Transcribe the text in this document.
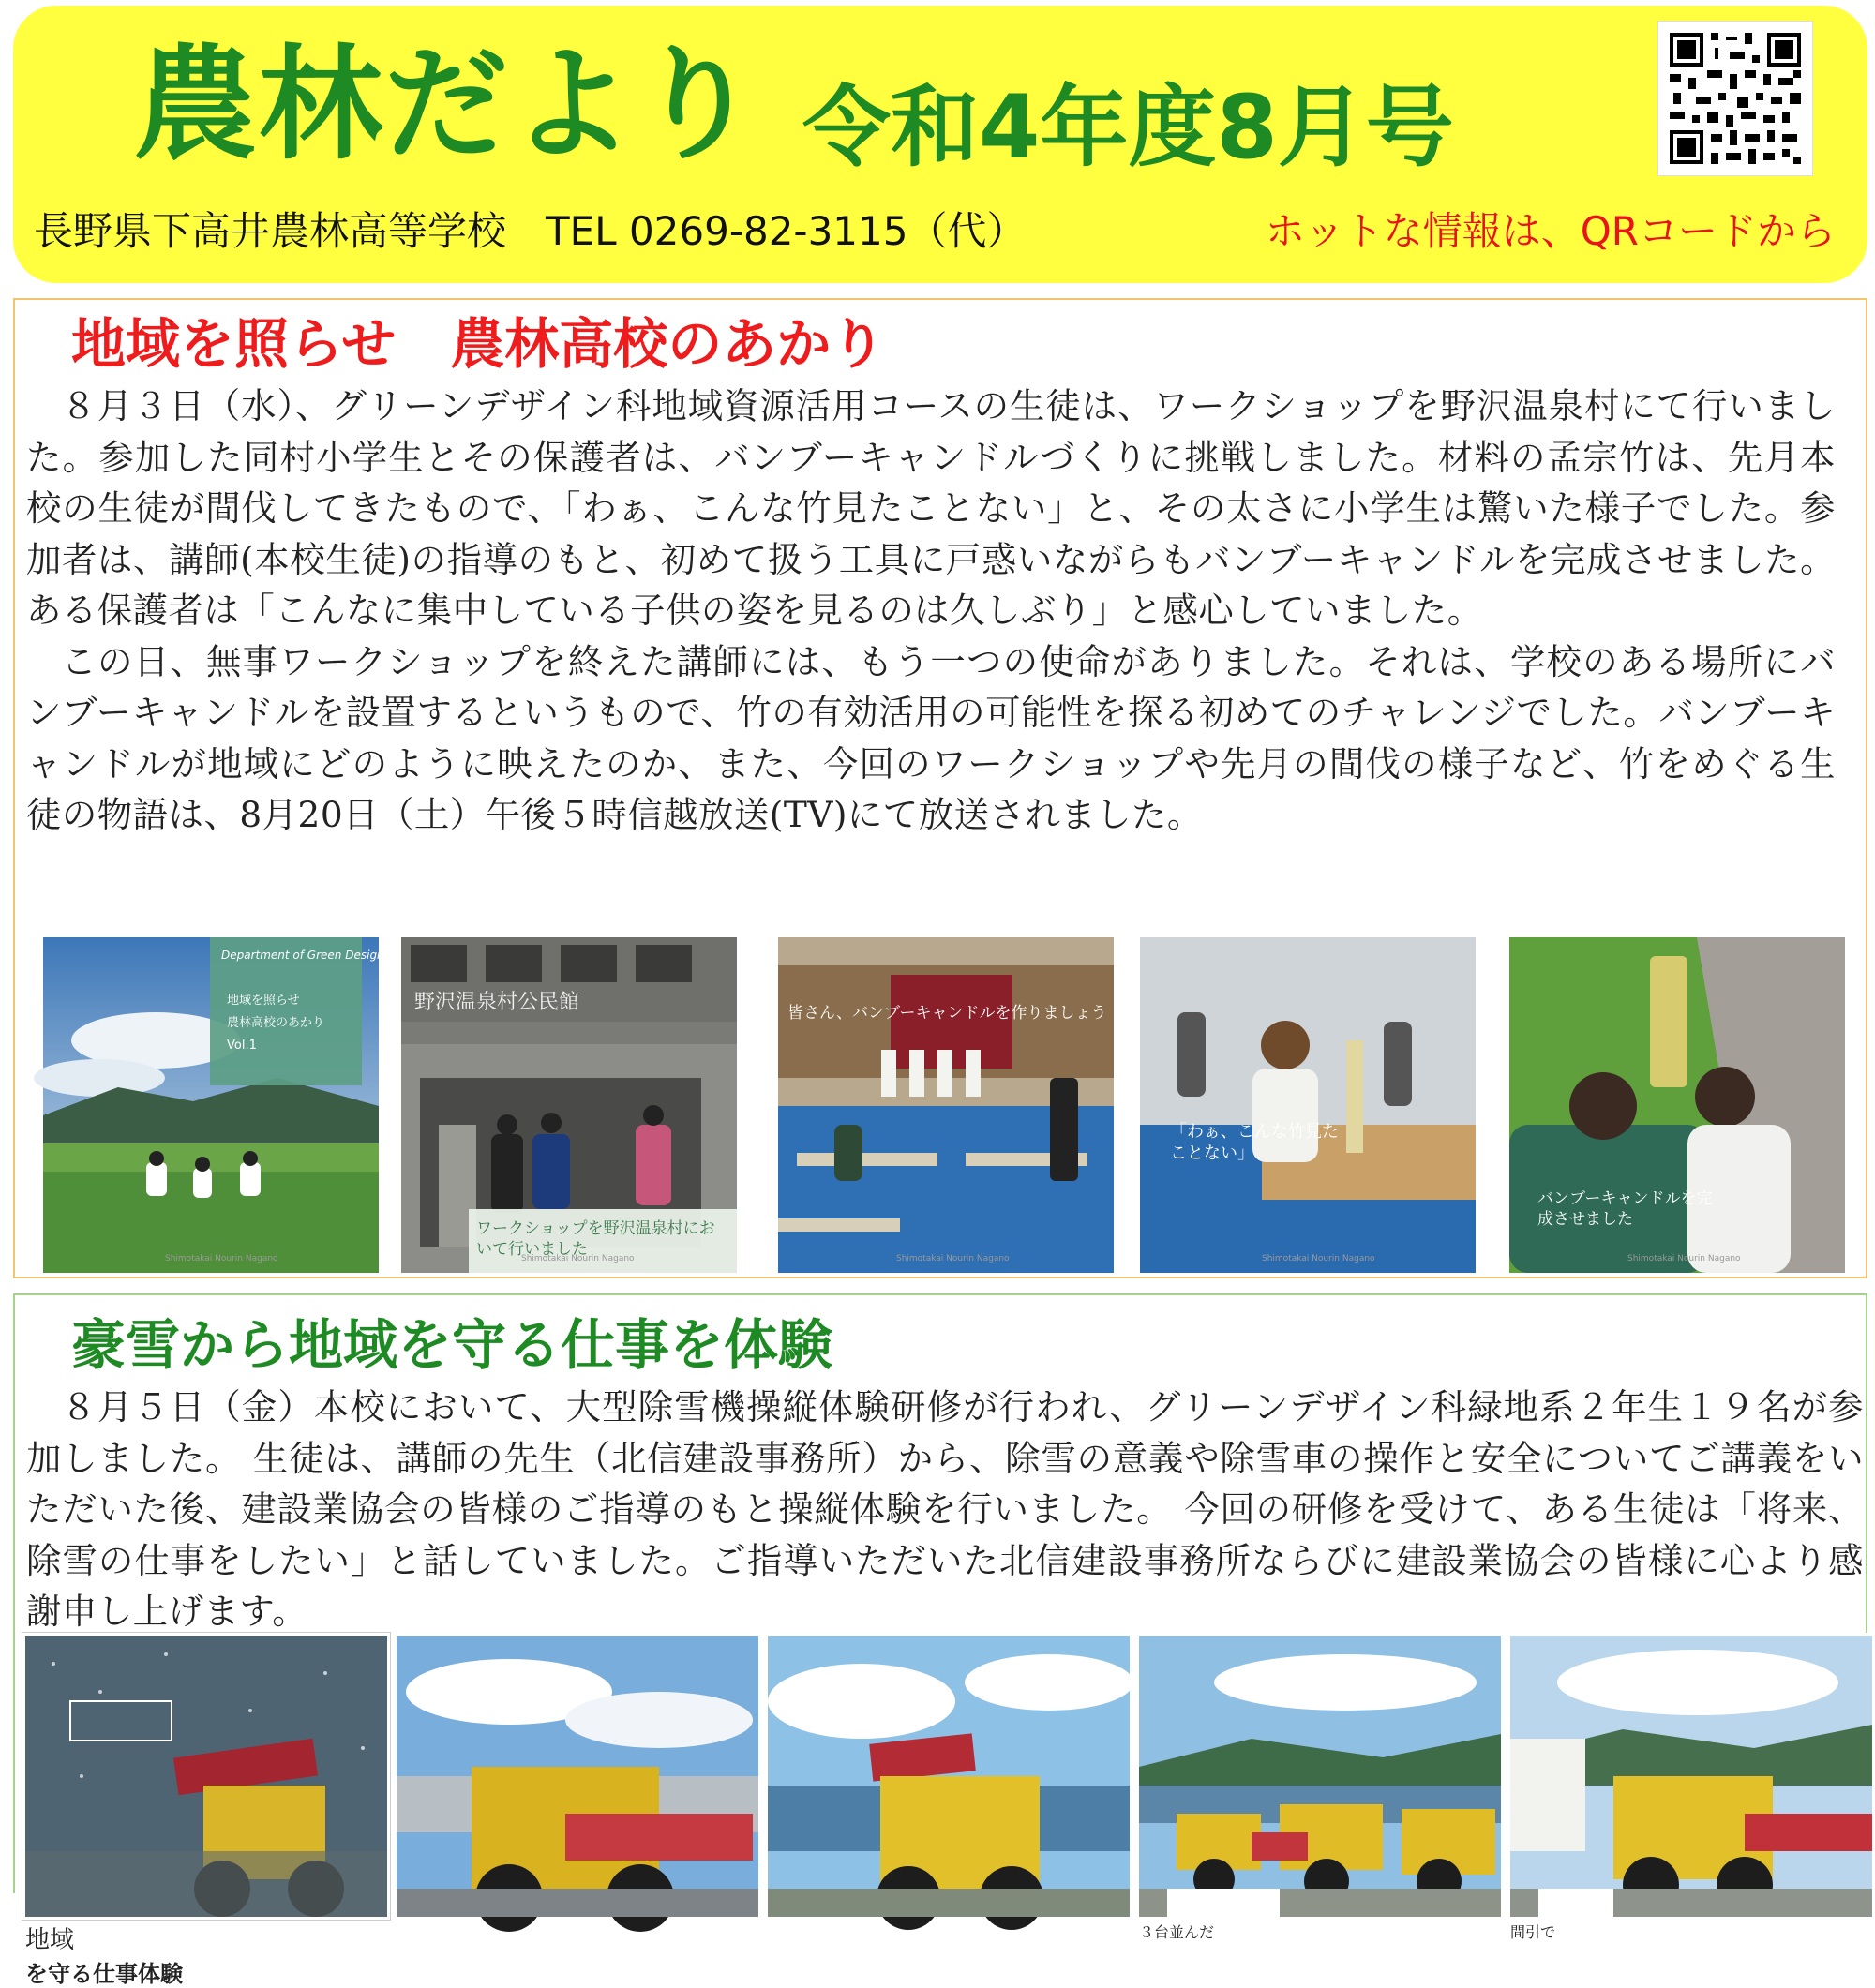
農林だより 令和4年度8月号
長野県下高井農林高等学校　TEL 0269-82-3115（代）	ホットな情報は、QRコードから
地域を照らせ　農林高校のあかり

８月３日（水）、グリーンデザイン科地域資源活用コースの生徒は、ワークショップを野沢温泉村にて行いました。参加した同村小学生とその保護者は、バンブーキャンドルづくりに挑戦しました。材料の孟宗竹は、先月本校の生徒が間伐してきたもので、「わぁ、こんな竹見たことない」と、その太さに小学生は驚いた様子でした。参加者は、講師(本校生徒)の指導のもと、初めて扱う工具に戸惑いながらもバンブーキャンドルを完成させました。ある保護者は「こんなに集中している子供の姿を見るのは久しぶり」と感心していました。

この日、無事ワークショップを終えた講師には、もう一つの使命がありました。それは、学校のある場所にバンブーキャンドルを設置するというもので、竹の有効活用の可能性を探る初めてのチャレンジでした。バンブーキャンドルが地域にどのように映えたのか、また、今回のワークショップや先月の間伐の様子など、竹をめぐる生徒の物語は、8月20日（土）午後５時信越放送(TV)にて放送されました。

Department of Green Design
地域を照らせ
農林高校のあかり
Vol.1
野沢温泉村公民館
ワークショップを野沢温泉村において行いました
皆さん、バンブーキャンドルを作りましょう
「わぁ、こんな竹見たことない」
バンブーキャンドルを完成させました
Shimotakai Nourin Nagano	Shimotakai Nourin Nagano	Shimotakai Nourin Nagano	Shimotakai Nourin Nagano	Shimotakai Nourin Nagano
豪雪から地域を守る仕事を体験

８月５日（金）本校において、大型除雪機操縦体験研修が行われ、グリーンデザイン科緑地系２年生１９名が参加しました。 生徒は、講師の先生（北信建設事務所）から、除雪の意義や除雪車の操作と安全についてご講義をいただいた後、建設業協会の皆様のご指導のもと操縦体験を行いました。 今回の研修を受けて、ある生徒は「将来、除雪の仕事をしたい」と話していました。ご指導いただいた北信建設事務所ならびに建設業協会の皆様に心より感謝申し上げます。

地域
を守る仕事体験
３台並んだ	間引で
